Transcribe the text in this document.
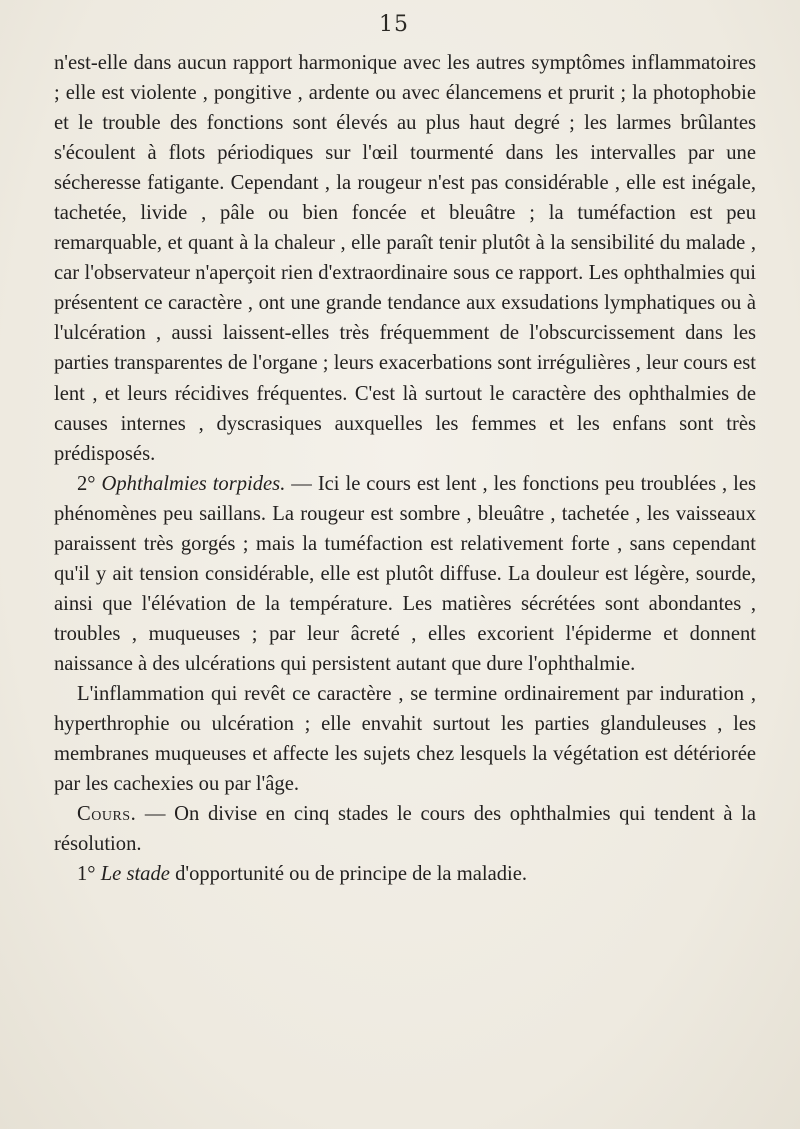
15

n'est-elle dans aucun rapport harmonique avec les autres symptômes inflammatoires ; elle est violente , pongitive , ardente ou avec élancemens et prurit ; la photophobie et le trouble des fonctions sont élevés au plus haut degré ; les larmes brûlantes s'écoulent à flots périodiques sur l'œil tourmenté dans les intervalles par une sécheresse fatigante. Cependant , la rougeur n'est pas considérable , elle est inégale, tachetée, livide , pâle ou bien foncée et bleuâtre ; la tuméfaction est peu remarquable, et quant à la chaleur , elle paraît tenir plutôt à la sensibilité du malade , car l'observateur n'aperçoit rien d'extraordinaire sous ce rapport. Les ophthalmies qui présentent ce caractère , ont une grande tendance aux exsudations lymphatiques ou à l'ulcération , aussi laissent-elles très fréquemment de l'obscurcissement dans les parties transparentes de l'organe ; leurs exacerbations sont irrégulières , leur cours est lent , et leurs récidives fréquentes. C'est là surtout le caractère des ophthalmies de causes internes , dyscrasiques auxquelles les femmes et les enfans sont très prédisposés.

2° Ophthalmies torpides. — Ici le cours est lent , les fonctions peu troublées , les phénomènes peu saillans. La rougeur est sombre , bleuâtre , tachetée , les vaisseaux paraissent très gorgés ; mais la tuméfaction est relativement forte , sans cependant qu'il y ait tension considérable, elle est plutôt diffuse. La douleur est légère, sourde, ainsi que l'élévation de la température. Les matières sécrétées sont abondantes , troubles , muqueuses ; par leur âcreté , elles excorient l'épiderme et donnent naissance à des ulcérations qui persistent autant que dure l'ophthalmie.

L'inflammation qui revêt ce caractère , se termine ordinairement par induration , hyperthrophie ou ulcération ; elle envahit surtout les parties glanduleuses , les membranes muqueuses et affecte les sujets chez lesquels la végétation est détériorée par les cachexies ou par l'âge.

Cours. — On divise en cinq stades le cours des ophthalmies qui tendent à la résolution.

1° Le stade d'opportunité ou de principe de la maladie.
